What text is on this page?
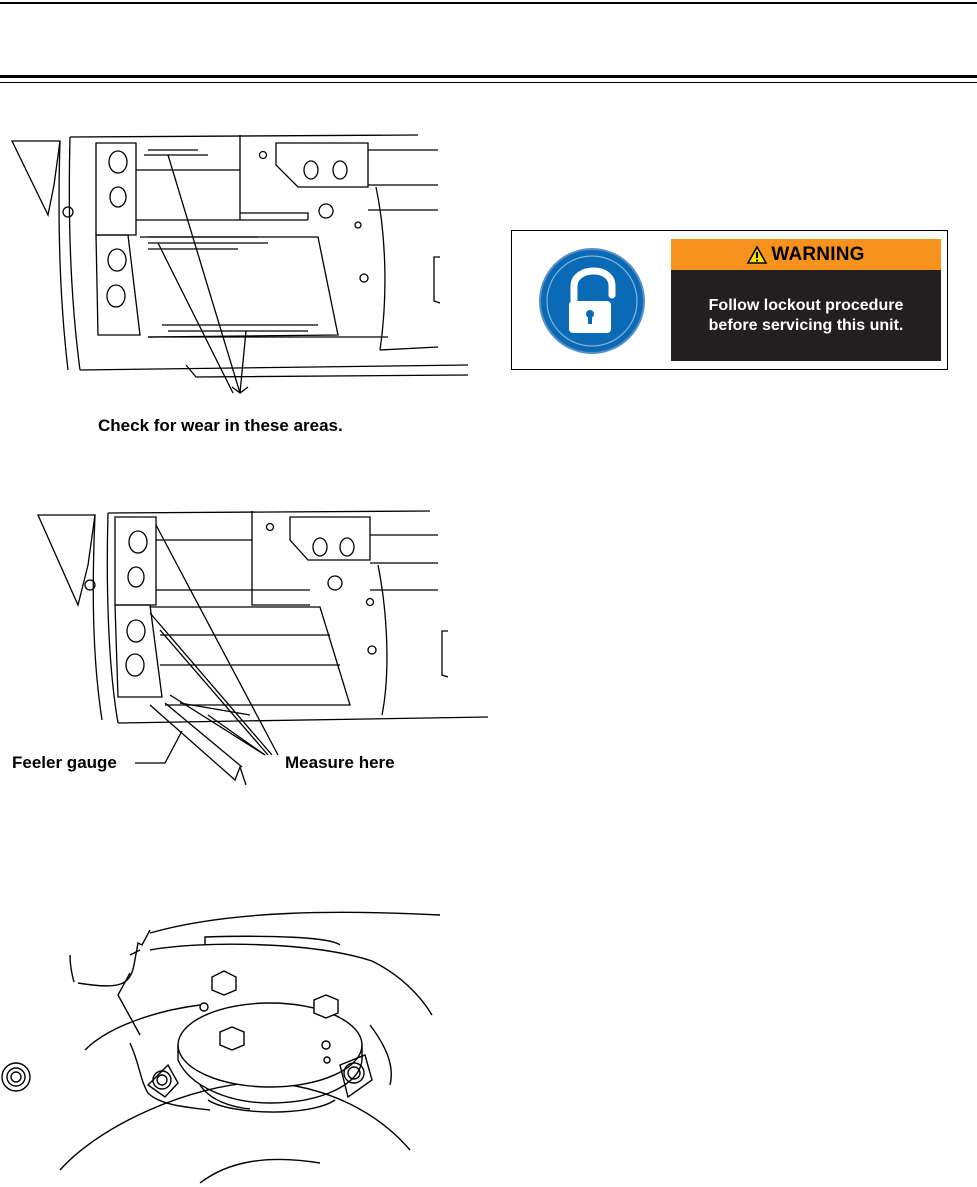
Check for wear in these areas.
WARNING
Follow lockout procedure
before servicing this unit.
Feeler gauge	Measure here
